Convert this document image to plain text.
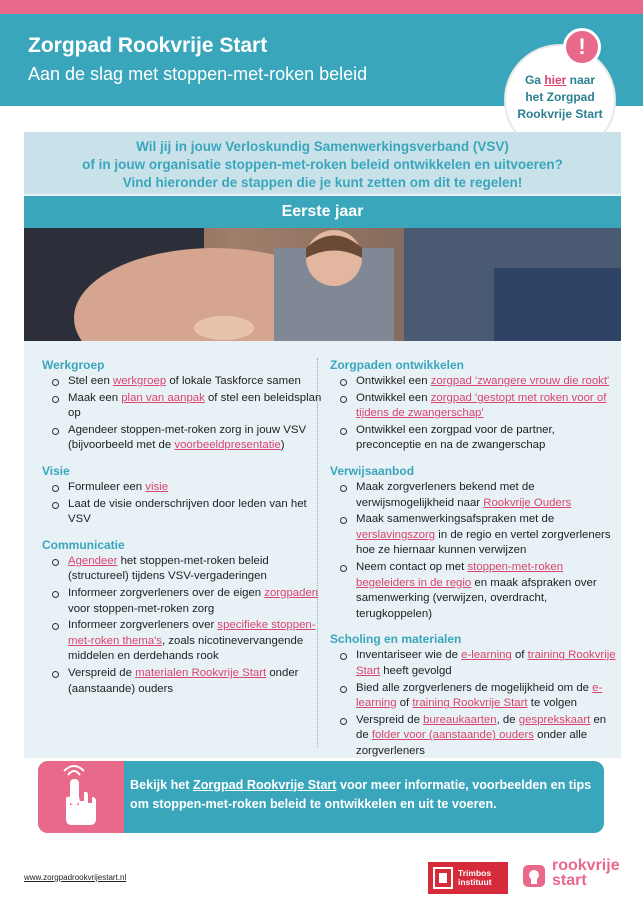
Zorgpad Rookvrije Start
Aan de slag met stoppen-met-roken beleid	Ga hier naar
het Zorgpad
Rookvrije Start
!
Wil jij in jouw Verloskundig Samenwerkingsverband (VSV)
of in jouw organisatie stoppen-met-roken beleid ontwikkelen en uitvoeren?
Vind hieronder de stappen die je kunt zetten om dit te regelen!
Eerste jaar
Werkgroep
Stel een werkgroep of lokale Taskforce samen
Maak een plan van aanpak of stel een beleidsplan op
Agendeer stoppen-met-roken zorg in jouw VSV (bijvoorbeeld met de voorbeeldpresentatie)
Visie
Formuleer een visie
Laat de visie onderschrijven door leden van het VSV
Communicatie
Agendeer het stoppen-met-roken beleid (structureel) tijdens VSV-vergaderingen
Informeer zorgverleners over de eigen zorgpaden voor stoppen-met-roken zorg
Informeer zorgverleners over specifieke stoppen-met-roken thema's, zoals nicotinevervangende middelen en derdehands rook
Verspreid de materialen Rookvrije Start onder (aanstaande) ouders
Zorgpaden ontwikkelen
Ontwikkel een zorgpad 'zwangere vrouw die rookt'
Ontwikkel een zorgpad 'gestopt met roken voor of tijdens de zwangerschap'
Ontwikkel een zorgpad voor de partner, preconceptie en na de zwangerschap
Verwijsaanbod
Maak zorgverleners bekend met de verwijsmogelijkheid naar Rookvrije Ouders
Maak samenwerkingsafspraken met de verslavingszorg in de regio en vertel zorgverleners hoe ze hiernaar kunnen verwijzen
Neem contact op met stoppen-met-roken begeleiders in de regio en maak afspraken over samenwerking (verwijzen, overdracht, terugkoppelen)
Scholing en materialen
Inventariseer wie de e-learning of training Rookvrije Start heeft gevolgd
Bied alle zorgverleners de mogelijkheid om de e-learning of training Rookvrije Start te volgen
Verspreid de bureaukaarten, de gesprekskaart en de folder voor (aanstaande) ouders onder alle zorgverleners
Bekijk het Zorgpad Rookvrije Start voor meer informatie, voorbeelden en tips om stoppen-met-roken beleid te ontwikkelen en uit te voeren.
www.zorgpadrookvrijestart.nl	Trimbos
instituut
rookvrije
start
